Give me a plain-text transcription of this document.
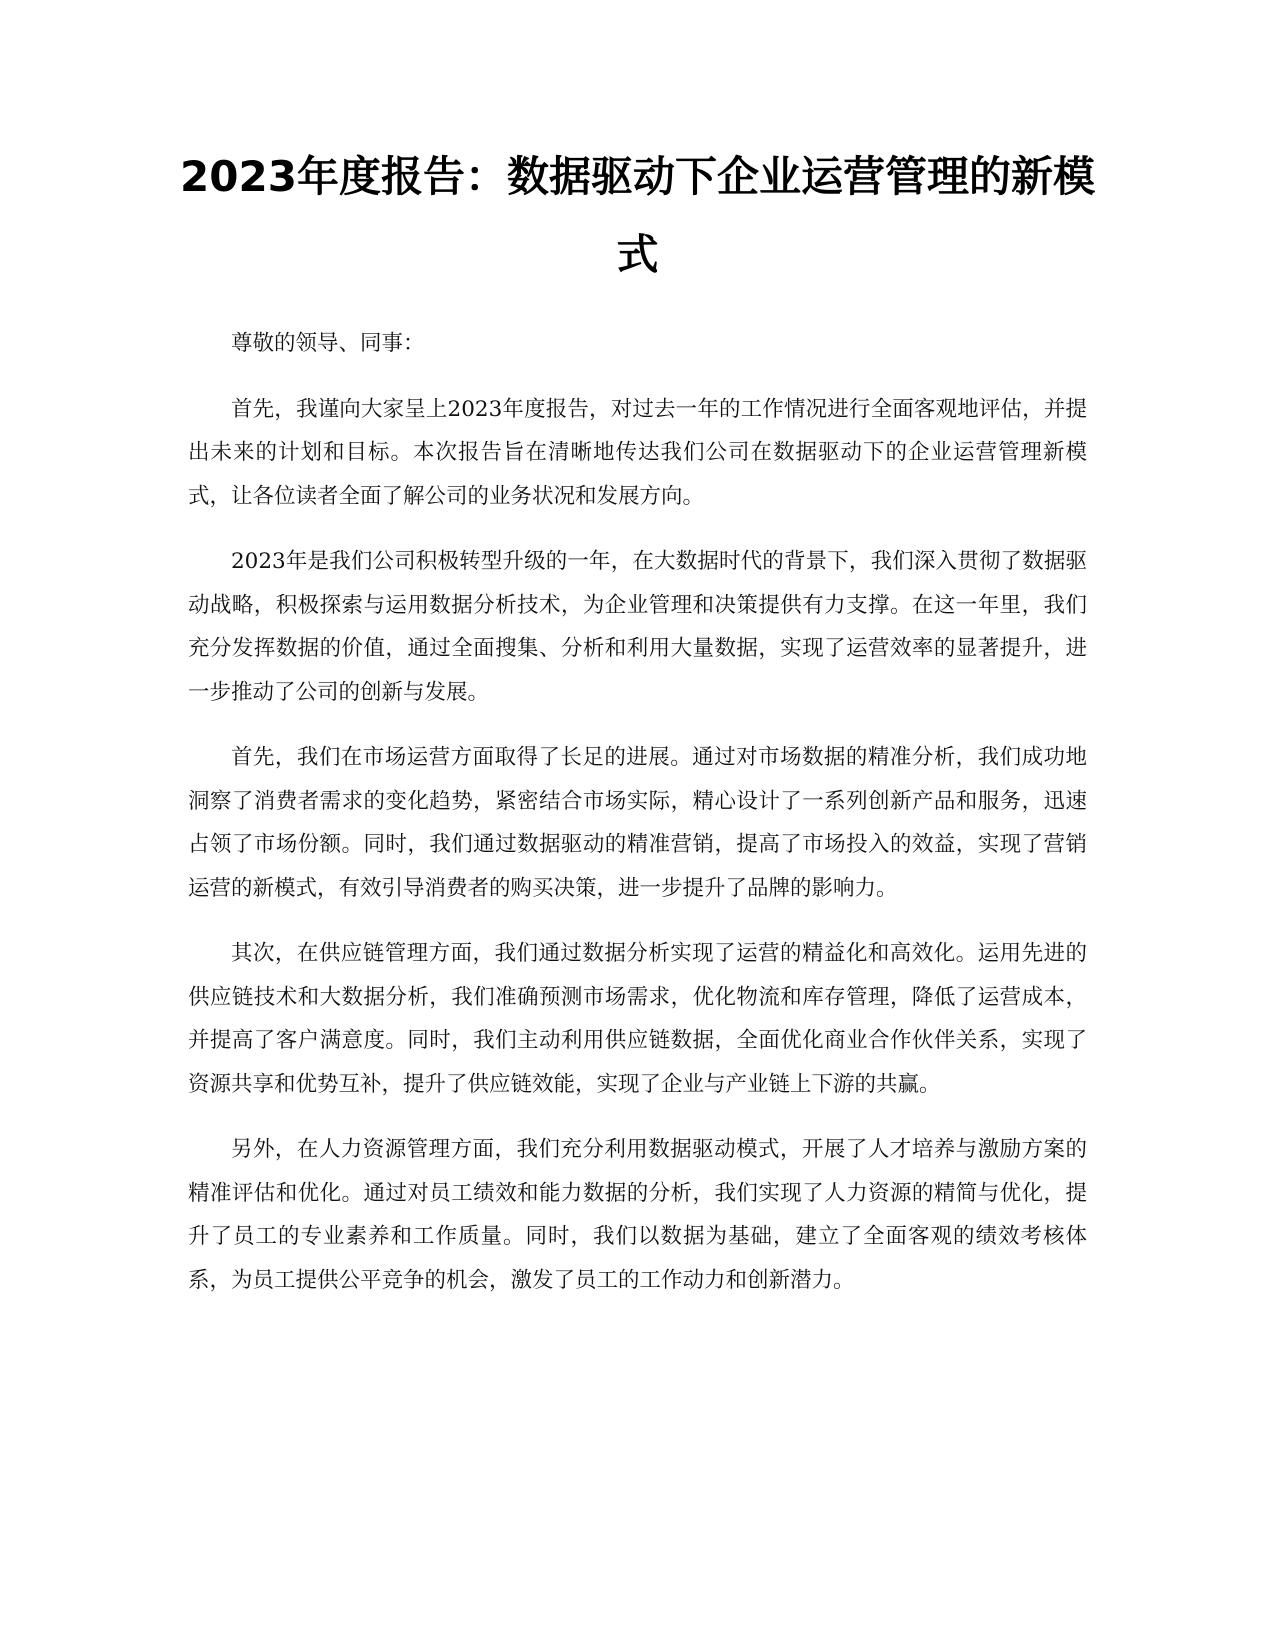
2023年度报告：数据驱动下企业运营管理的新模式

尊敬的领导、同事：

首先，我谨向大家呈上2023年度报告，对过去一年的工作情况进行全面客观地评估，并提出未来的计划和目标。本次报告旨在清晰地传达我们公司在数据驱动下的企业运营管理新模式，让各位读者全面了解公司的业务状况和发展方向。

2023年是我们公司积极转型升级的一年，在大数据时代的背景下，我们深入贯彻了数据驱动战略，积极探索与运用数据分析技术，为企业管理和决策提供有力支撑。在这一年里，我们充分发挥数据的价值，通过全面搜集、分析和利用大量数据，实现了运营效率的显著提升，进一步推动了公司的创新与发展。

首先，我们在市场运营方面取得了长足的进展。通过对市场数据的精准分析，我们成功地洞察了消费者需求的变化趋势，紧密结合市场实际，精心设计了一系列创新产品和服务，迅速占领了市场份额。同时，我们通过数据驱动的精准营销，提高了市场投入的效益，实现了营销运营的新模式，有效引导消费者的购买决策，进一步提升了品牌的影响力。

其次，在供应链管理方面，我们通过数据分析实现了运营的精益化和高效化。运用先进的供应链技术和大数据分析，我们准确预测市场需求，优化物流和库存管理，降低了运营成本，并提高了客户满意度。同时，我们主动利用供应链数据，全面优化商业合作伙伴关系，实现了资源共享和优势互补，提升了供应链效能，实现了企业与产业链上下游的共赢。

另外，在人力资源管理方面，我们充分利用数据驱动模式，开展了人才培养与激励方案的精准评估和优化。通过对员工绩效和能力数据的分析，我们实现了人力资源的精简与优化，提升了员工的专业素养和工作质量。同时，我们以数据为基础，建立了全面客观的绩效考核体系，为员工提供公平竞争的机会，激发了员工的工作动力和创新潜力。
